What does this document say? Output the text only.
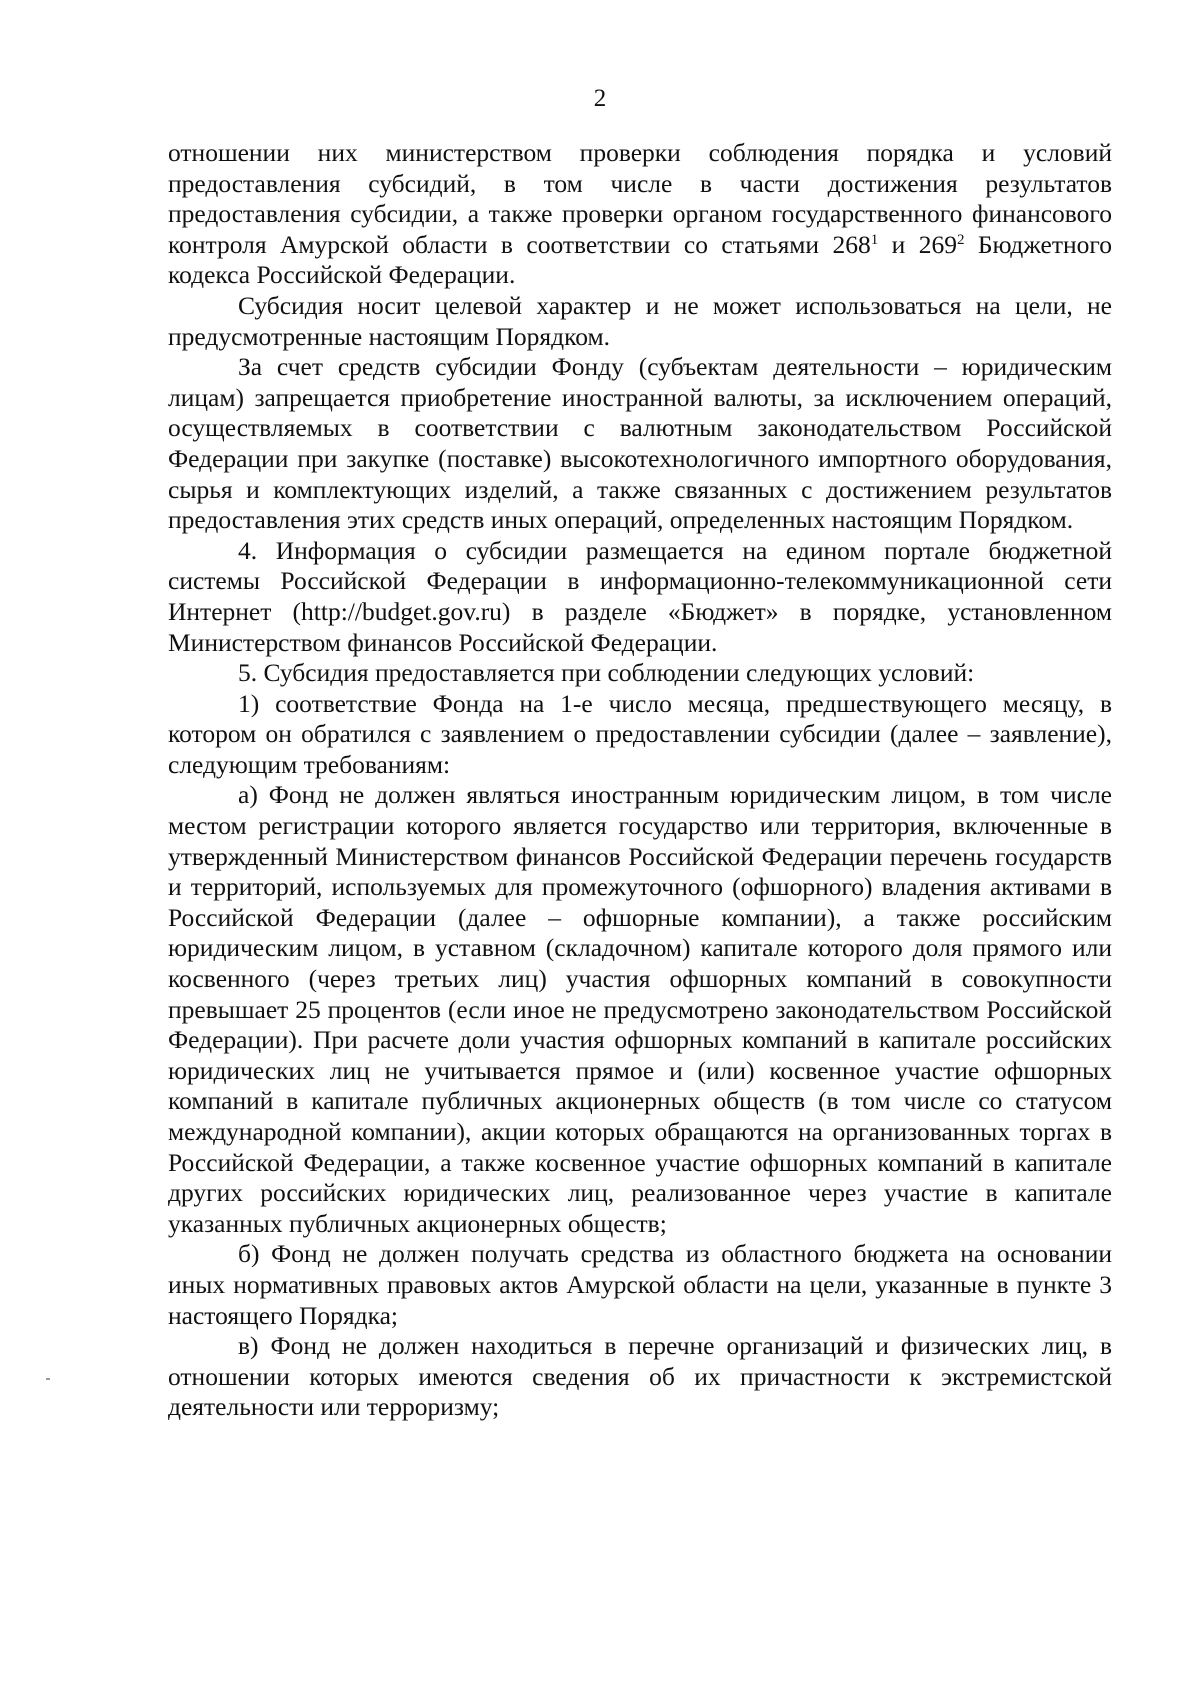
2

отношении них министерством проверки соблюдения порядка и условий предоставления субсидий, в том числе в части достижения результатов предоставления субсидии, а также проверки органом государственного финансового контроля Амурской области в соответствии со статьями $268^1$ и $269^2$ Бюджетного кодекса Российской Федерации.

Субсидия носит целевой характер и не может использоваться на цели, не предусмотренные настоящим Порядком.

За счет средств субсидии Фонду (субъектам деятельности – юридическим лицам) запрещается приобретение иностранной валюты, за исключением операций, осуществляемых в соответствии с валютным законодательством Российской Федерации при закупке (поставке) высокотехнологичного импортного оборудования, сырья и комплектующих изделий, а также связанных с достижением результатов предоставления этих средств иных операций, определенных настоящим Порядком.

4. Информация о субсидии размещается на едином портале бюджетной системы Российской Федерации в информационно-телекоммуникационной сети Интернет (http://budget.gov.ru) в разделе «Бюджет» в порядке, установленном Министерством финансов Российской Федерации.

5. Субсидия предоставляется при соблюдении следующих условий:

1) соответствие Фонда на 1-е число месяца, предшествующего месяцу, в котором он обратился с заявлением о предоставлении субсидии (далее – заявление), следующим требованиям:

а) Фонд не должен являться иностранным юридическим лицом, в том числе местом регистрации которого является государство или территория, включенные в утвержденный Министерством финансов Российской Федерации перечень государств и территорий, используемых для промежуточного (офшорного) владения активами в Российской Федерации (далее – офшорные компании), а также российским юридическим лицом, в уставном (складочном) капитале которого доля прямого или косвенного (через третьих лиц) участия офшорных компаний в совокупности превышает 25 процентов (если иное не предусмотрено законодательством Российской Федерации). При расчете доли участия офшорных компаний в капитале российских юридических лиц не учитывается прямое и (или) косвенное участие офшорных компаний в капитале публичных акционерных обществ (в том числе со статусом международной компании), акции которых обращаются на организованных торгах в Российской Федерации, а также косвенное участие офшорных компаний в капитале других российских юридических лиц, реализованное через участие в капитале указанных публичных акционерных обществ;

б) Фонд не должен получать средства из областного бюджета на основании иных нормативных правовых актов Амурской области на цели, указанные в пункте 3 настоящего Порядка;

в) Фонд не должен находиться в перечне организаций и физических лиц, в отношении которых имеются сведения об их причастности к экстремистской деятельности или терроризму;
